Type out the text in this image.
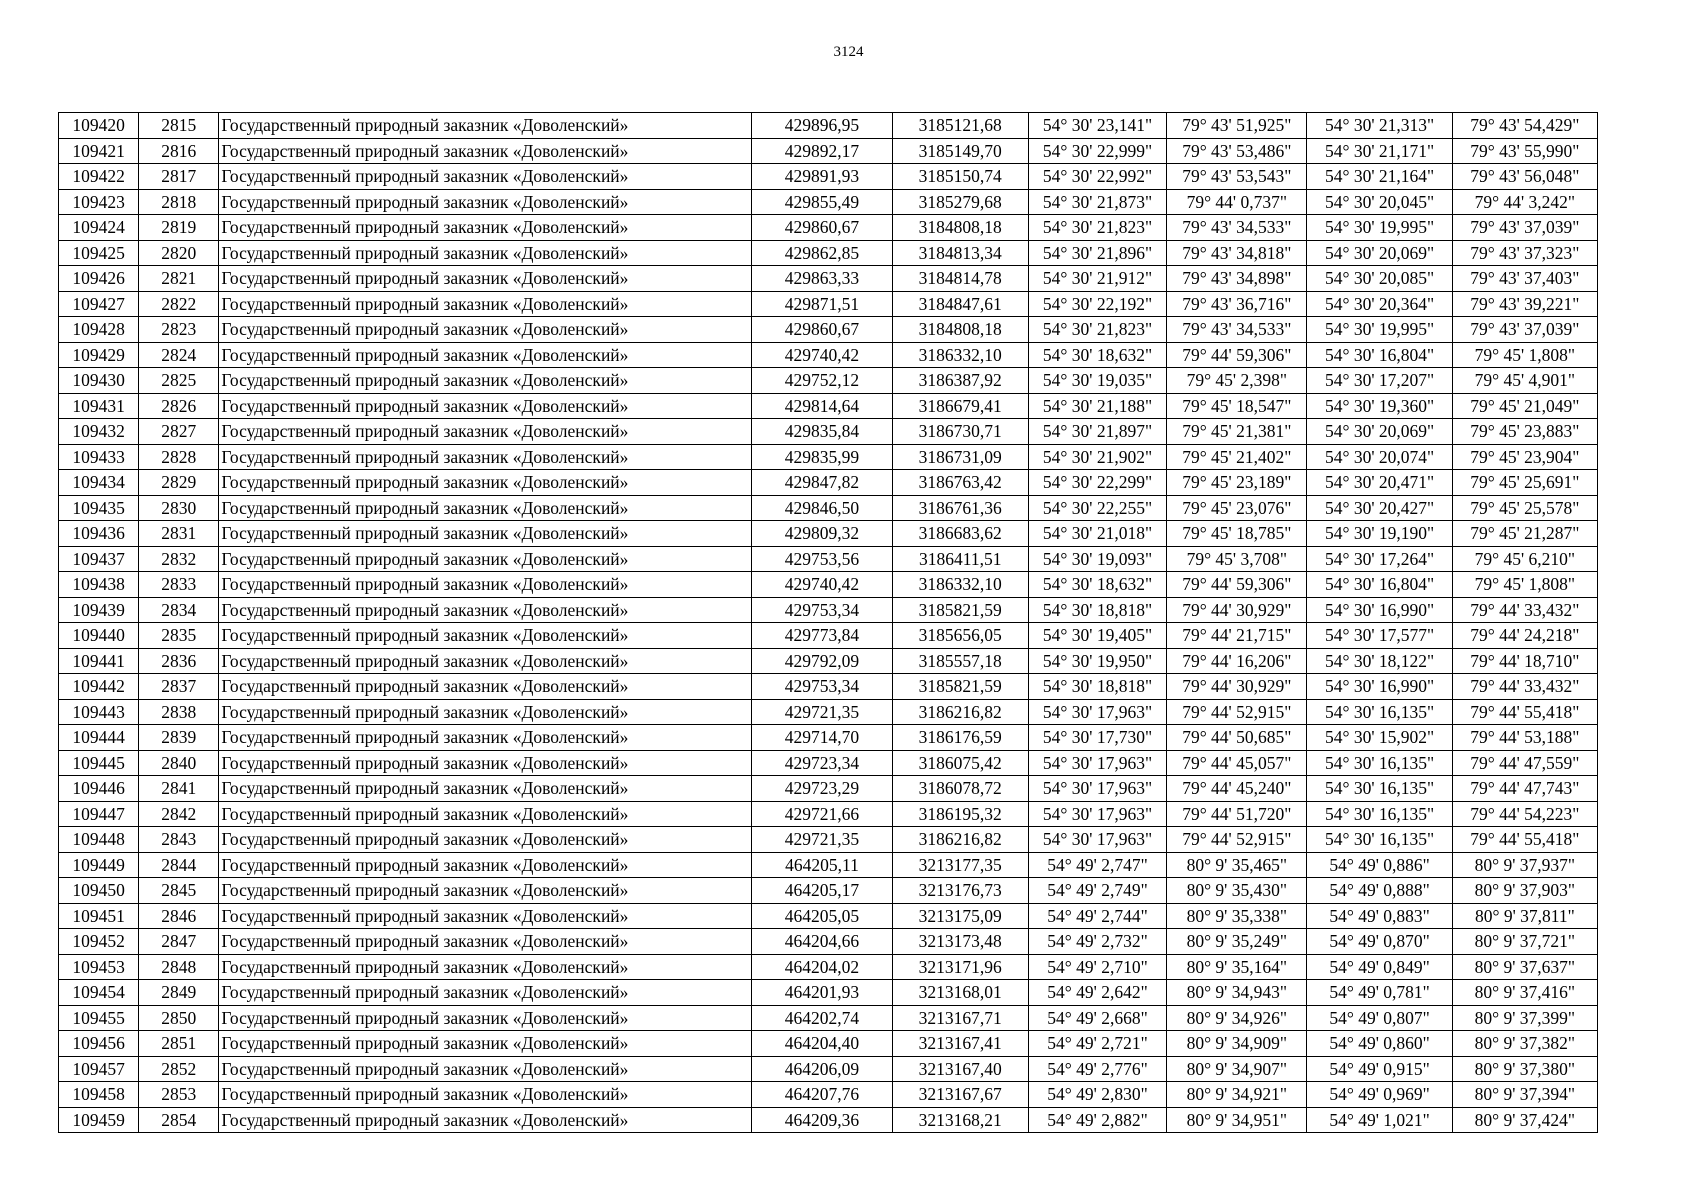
3124
109420	2815	Государственный природный заказник «Доволенский»	429896,95	3185121,68	54° 30' 23,141"	79° 43' 51,925"	54° 30' 21,313"	79° 43' 54,429"
109421	2816	Государственный природный заказник «Доволенский»	429892,17	3185149,70	54° 30' 22,999"	79° 43' 53,486"	54° 30' 21,171"	79° 43' 55,990"
109422	2817	Государственный природный заказник «Доволенский»	429891,93	3185150,74	54° 30' 22,992"	79° 43' 53,543"	54° 30' 21,164"	79° 43' 56,048"
109423	2818	Государственный природный заказник «Доволенский»	429855,49	3185279,68	54° 30' 21,873"	79° 44' 0,737"	54° 30' 20,045"	79° 44' 3,242"
109424	2819	Государственный природный заказник «Доволенский»	429860,67	3184808,18	54° 30' 21,823"	79° 43' 34,533"	54° 30' 19,995"	79° 43' 37,039"
109425	2820	Государственный природный заказник «Доволенский»	429862,85	3184813,34	54° 30' 21,896"	79° 43' 34,818"	54° 30' 20,069"	79° 43' 37,323"
109426	2821	Государственный природный заказник «Доволенский»	429863,33	3184814,78	54° 30' 21,912"	79° 43' 34,898"	54° 30' 20,085"	79° 43' 37,403"
109427	2822	Государственный природный заказник «Доволенский»	429871,51	3184847,61	54° 30' 22,192"	79° 43' 36,716"	54° 30' 20,364"	79° 43' 39,221"
109428	2823	Государственный природный заказник «Доволенский»	429860,67	3184808,18	54° 30' 21,823"	79° 43' 34,533"	54° 30' 19,995"	79° 43' 37,039"
109429	2824	Государственный природный заказник «Доволенский»	429740,42	3186332,10	54° 30' 18,632"	79° 44' 59,306"	54° 30' 16,804"	79° 45' 1,808"
109430	2825	Государственный природный заказник «Доволенский»	429752,12	3186387,92	54° 30' 19,035"	79° 45' 2,398"	54° 30' 17,207"	79° 45' 4,901"
109431	2826	Государственный природный заказник «Доволенский»	429814,64	3186679,41	54° 30' 21,188"	79° 45' 18,547"	54° 30' 19,360"	79° 45' 21,049"
109432	2827	Государственный природный заказник «Доволенский»	429835,84	3186730,71	54° 30' 21,897"	79° 45' 21,381"	54° 30' 20,069"	79° 45' 23,883"
109433	2828	Государственный природный заказник «Доволенский»	429835,99	3186731,09	54° 30' 21,902"	79° 45' 21,402"	54° 30' 20,074"	79° 45' 23,904"
109434	2829	Государственный природный заказник «Доволенский»	429847,82	3186763,42	54° 30' 22,299"	79° 45' 23,189"	54° 30' 20,471"	79° 45' 25,691"
109435	2830	Государственный природный заказник «Доволенский»	429846,50	3186761,36	54° 30' 22,255"	79° 45' 23,076"	54° 30' 20,427"	79° 45' 25,578"
109436	2831	Государственный природный заказник «Доволенский»	429809,32	3186683,62	54° 30' 21,018"	79° 45' 18,785"	54° 30' 19,190"	79° 45' 21,287"
109437	2832	Государственный природный заказник «Доволенский»	429753,56	3186411,51	54° 30' 19,093"	79° 45' 3,708"	54° 30' 17,264"	79° 45' 6,210"
109438	2833	Государственный природный заказник «Доволенский»	429740,42	3186332,10	54° 30' 18,632"	79° 44' 59,306"	54° 30' 16,804"	79° 45' 1,808"
109439	2834	Государственный природный заказник «Доволенский»	429753,34	3185821,59	54° 30' 18,818"	79° 44' 30,929"	54° 30' 16,990"	79° 44' 33,432"
109440	2835	Государственный природный заказник «Доволенский»	429773,84	3185656,05	54° 30' 19,405"	79° 44' 21,715"	54° 30' 17,577"	79° 44' 24,218"
109441	2836	Государственный природный заказник «Доволенский»	429792,09	3185557,18	54° 30' 19,950"	79° 44' 16,206"	54° 30' 18,122"	79° 44' 18,710"
109442	2837	Государственный природный заказник «Доволенский»	429753,34	3185821,59	54° 30' 18,818"	79° 44' 30,929"	54° 30' 16,990"	79° 44' 33,432"
109443	2838	Государственный природный заказник «Доволенский»	429721,35	3186216,82	54° 30' 17,963"	79° 44' 52,915"	54° 30' 16,135"	79° 44' 55,418"
109444	2839	Государственный природный заказник «Доволенский»	429714,70	3186176,59	54° 30' 17,730"	79° 44' 50,685"	54° 30' 15,902"	79° 44' 53,188"
109445	2840	Государственный природный заказник «Доволенский»	429723,34	3186075,42	54° 30' 17,963"	79° 44' 45,057"	54° 30' 16,135"	79° 44' 47,559"
109446	2841	Государственный природный заказник «Доволенский»	429723,29	3186078,72	54° 30' 17,963"	79° 44' 45,240"	54° 30' 16,135"	79° 44' 47,743"
109447	2842	Государственный природный заказник «Доволенский»	429721,66	3186195,32	54° 30' 17,963"	79° 44' 51,720"	54° 30' 16,135"	79° 44' 54,223"
109448	2843	Государственный природный заказник «Доволенский»	429721,35	3186216,82	54° 30' 17,963"	79° 44' 52,915"	54° 30' 16,135"	79° 44' 55,418"
109449	2844	Государственный природный заказник «Доволенский»	464205,11	3213177,35	54° 49' 2,747"	80° 9' 35,465"	54° 49' 0,886"	80° 9' 37,937"
109450	2845	Государственный природный заказник «Доволенский»	464205,17	3213176,73	54° 49' 2,749"	80° 9' 35,430"	54° 49' 0,888"	80° 9' 37,903"
109451	2846	Государственный природный заказник «Доволенский»	464205,05	3213175,09	54° 49' 2,744"	80° 9' 35,338"	54° 49' 0,883"	80° 9' 37,811"
109452	2847	Государственный природный заказник «Доволенский»	464204,66	3213173,48	54° 49' 2,732"	80° 9' 35,249"	54° 49' 0,870"	80° 9' 37,721"
109453	2848	Государственный природный заказник «Доволенский»	464204,02	3213171,96	54° 49' 2,710"	80° 9' 35,164"	54° 49' 0,849"	80° 9' 37,637"
109454	2849	Государственный природный заказник «Доволенский»	464201,93	3213168,01	54° 49' 2,642"	80° 9' 34,943"	54° 49' 0,781"	80° 9' 37,416"
109455	2850	Государственный природный заказник «Доволенский»	464202,74	3213167,71	54° 49' 2,668"	80° 9' 34,926"	54° 49' 0,807"	80° 9' 37,399"
109456	2851	Государственный природный заказник «Доволенский»	464204,40	3213167,41	54° 49' 2,721"	80° 9' 34,909"	54° 49' 0,860"	80° 9' 37,382"
109457	2852	Государственный природный заказник «Доволенский»	464206,09	3213167,40	54° 49' 2,776"	80° 9' 34,907"	54° 49' 0,915"	80° 9' 37,380"
109458	2853	Государственный природный заказник «Доволенский»	464207,76	3213167,67	54° 49' 2,830"	80° 9' 34,921"	54° 49' 0,969"	80° 9' 37,394"
109459	2854	Государственный природный заказник «Доволенский»	464209,36	3213168,21	54° 49' 2,882"	80° 9' 34,951"	54° 49' 1,021"	80° 9' 37,424"
